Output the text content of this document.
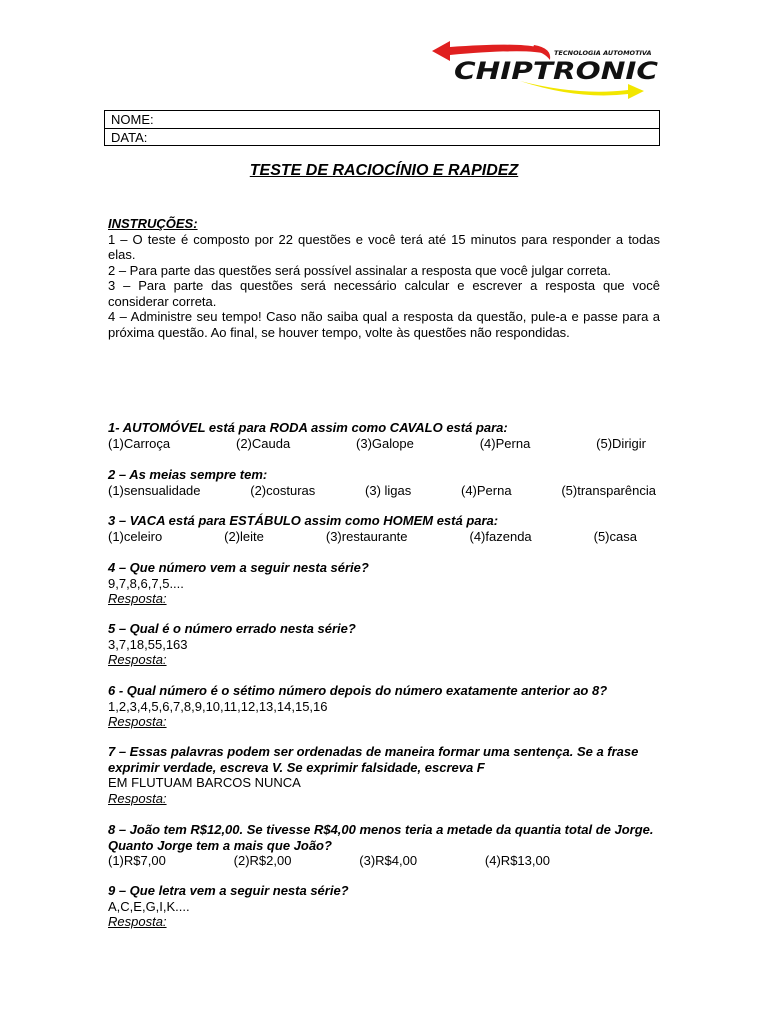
TECNOLOGIA AUTOMOTIVA
CHIPTRONIC
NOME:
DATA:
TESTE DE RACIOCÍNIO E RAPIDEZ

INSTRUÇÕES:

1 – O teste é composto por 22 questões e você terá até 15 minutos para responder a todas elas.

2 – Para parte das questões será possível assinalar a resposta que você julgar correta.

3 – Para parte das questões será necessário calcular e escrever a resposta que você considerar correta.

4 – Administre seu tempo! Caso não saiba qual a resposta da questão, pule-a e passe para a próxima questão. Ao final, se houver tempo, volte às questões não respondidas.

1- AUTOMÓVEL está para RODA assim como CAVALO está para:

(1)Carroça	(2)Cauda	(3)Galope	(4)Perna	(5)Dirigir

2 – As meias sempre tem:

(1)sensualidade	(2)costuras	(3) ligas	(4)Perna	(5)transparência

3 – VACA está para ESTÁBULO assim como HOMEM está para:

(1)celeiro	(2)leite	(3)restaurante	(4)fazenda	(5)casa

4 – Que número vem a seguir nesta série?

9,7,8,6,7,5....

Resposta:

5 – Qual é o número errado nesta série?

3,7,18,55,163

Resposta:

6 - Qual número é o sétimo número depois do número exatamente anterior ao 8?

1,2,3,4,5,6,7,8,9,10,11,12,13,14,15,16

Resposta:

7 – Essas palavras podem ser ordenadas de maneira formar uma sentença. Se a frase exprimir verdade, escreva V. Se exprimir falsidade, escreva F

EM FLUTUAM BARCOS NUNCA

Resposta:

8 – João tem R$12,00. Se tivesse R$4,00 menos teria a metade da quantia total de Jorge. Quanto Jorge tem a mais que João?

(1)R$7,00	(2)R$2,00	(3)R$4,00	(4)R$13,00

9 – Que letra vem a seguir nesta série?

A,C,E,G,I,K....

Resposta:
